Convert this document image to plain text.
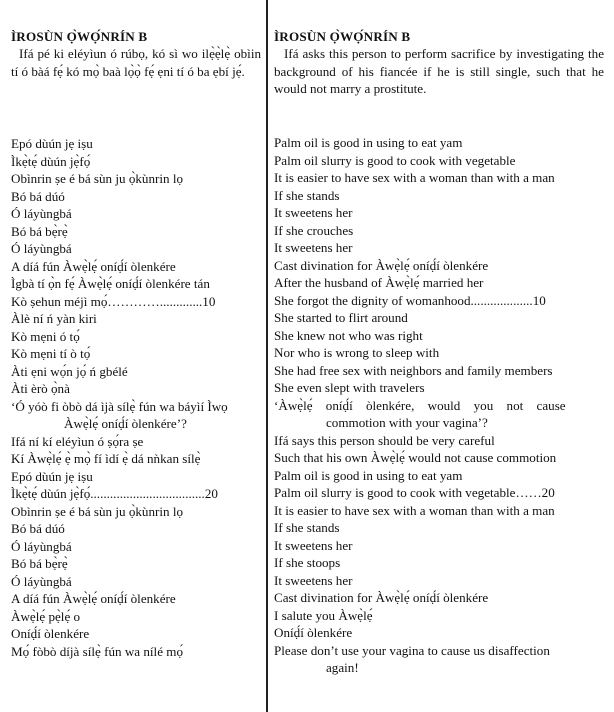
ÌROSÙN Ọ̀WỌ́NRÍN B
Ifá pé ki eléyìun ó rúbọ, kó sì wo ilẹ̀ẹ̀lẹ̀ obìin tí ó bàá fẹ́ kó mọ̀ baà lọ̀ọ̀ fẹ́ ẹni tí ó ba ẹbí jẹ́.
Epó dùún jẹ iṣu
Ìkẹ̀tẹ́ dùún jẹ̀fọ́
Obìnrin ṣe é bá sùn ju ọ̀kùnrin lọ
Bó bá dúó
Ó láyùngbá
Bó bá bẹ̀rẹ̀
Ó láyùngbá
A díá fún Àwẹ̀lẹ́ oníḍ́í òlenkére
Ìgbà tí ọ̀n fẹ́ Àwẹ̀lẹ́ oníḍ́í òlenkére tán
Kò ṣehun méjì mọ́………….............10
Àlè ní ń yàn kiri
Kò mẹni ó tọ́
Kò mẹni tí ò tọ́
Àti ẹni wọ́n jọ́ ń gbélé
Àti èrò ọ̀nà
‘Ó yóò fi òbò dá ìjà sílẹ̀ fún wa báyìí Ìwọ
Àwẹ̀lẹ́ oníḍ́í òlenkére’?
Ifá ní kí eléyìun ó ṣọ́ra ṣe
Kí Àwẹ̀lẹ́ ẹ̀ mọ̀ fí ìdí ẹ̀ dá nǹkan sílẹ̀
Epó dùún jẹ iṣu
Ìkẹ̀tẹ́ dùún jẹ̀fọ́...................................20
Obìnrin ṣe é bá sùn ju ọ̀kùnrin lọ
Bó bá dúó
Ó láyùngbá
Bó bá bẹ̀rẹ̀
Ó láyùngbá
A díá fún Àwẹ̀lẹ́ oníḍ́í òlenkére
Àwẹ̀lẹ́ pẹ̀lẹ́ o
Oníḍ́í òlenkére
Mọ́ fòbò díjà sílẹ̀ fún wa nílé mọ́
ÌROSÙN Ọ̀WỌ́NRÍN B
Ifá asks this person to perform sacrifice by investigating the background of his fiancée if he is still single, such that he would not marry a prostitute.
Palm oil is good in using to eat yam
Palm oil slurry is good to cook with vegetable
It is easier to have sex with a woman than with a man
If she stands
It sweetens her
If she crouches
It sweetens her
Cast divination for Àwẹ̀lẹ́ oníḍ́í òlenkére
After the husband of Àwẹ̀lẹ́ married her
She forgot the dignity of womanhood...................10
She started to flirt around
She knew not who was right
Nor who is wrong to sleep with
She had free sex with neighbors and family members
She even slept with travelers
‘Àwẹ̀lẹ́ oníḍ́í òlenkére, would you not cause
commotion with your vagina’?
Ifá says this person should be very careful
Such that his own Àwẹ̀lẹ́ would not cause commotion
Palm oil is good in using to eat yam
Palm oil slurry is good to cook with vegetable……20
It is easier to have sex with a woman than with a man
If she stands
It sweetens her
If she stoops
It sweetens her
Cast divination for Àwẹ̀lẹ́ oníḍ́í òlenkére
I salute you Àwẹ̀lẹ́
Oníḍ́í òlenkére
Please don’t use your vagina to cause us disaffection
again!
